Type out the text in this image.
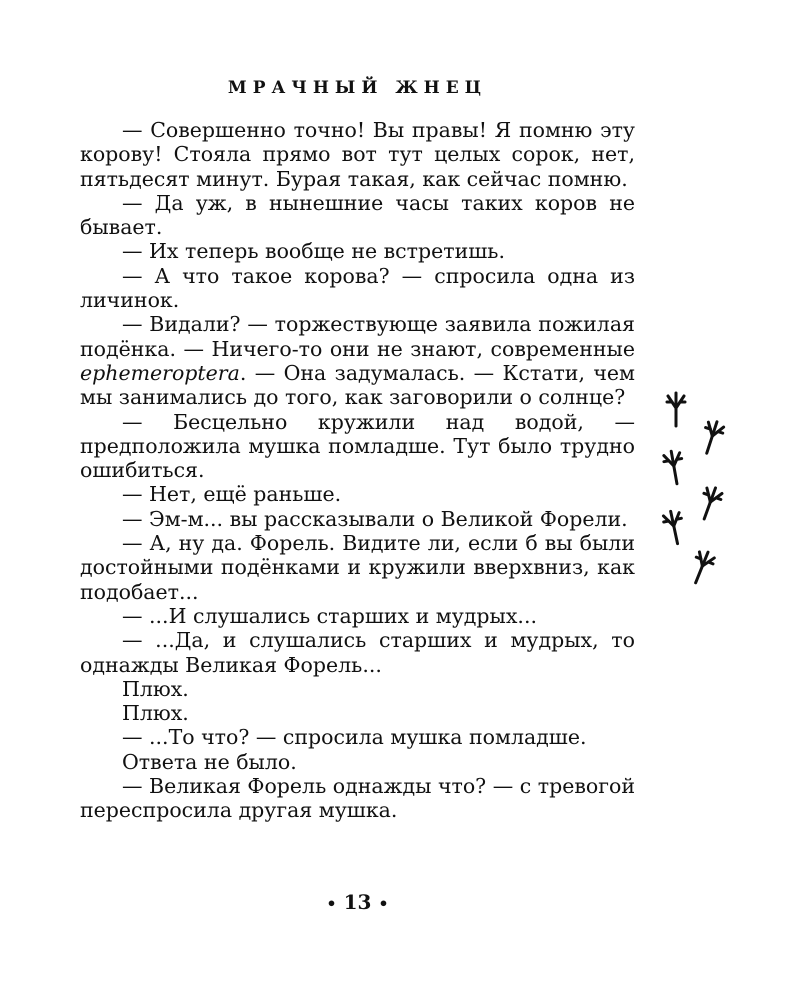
МРАЧНЫЙ ЖНЕЦ

— Совершенно точно! Вы правы! Я помню эту корову! Стояла прямо вот тут целых сорок, нет, пятьдесят минут. Бурая такая, как сейчас помню.

— Да уж, в нынешние часы таких коров не бывает.

— Их теперь вообще не встретишь.

— А что такое корова? — спросила одна из личинок.

— Видали? — торжествующе заявила пожилая подёнка. — Ничего-то они не знают, современные ephemeroptera. — Она задумалась. — Кстати, чем мы занимались до того, как заговорили о солнце?

— Бесцельно кружили над водой, — предположила мушка помладше. Тут было трудно ошибиться.

— Нет, ещё раньше.

— Эм-м... вы рассказывали о Великой Форели.

— А, ну да. Форель. Видите ли, если б вы были достойными подёнками и кружили вверхвниз, как подобает...

— ...И слушались старших и мудрых...

— ...Да, и слушались старших и мудрых, то однажды Великая Форель...

Плюх.

Плюх.

— ...То что? — спросила мушка помладше.

Ответа не было.

— Великая Форель однажды что? — с тревогой переспросила другая мушка.

• 13 •
